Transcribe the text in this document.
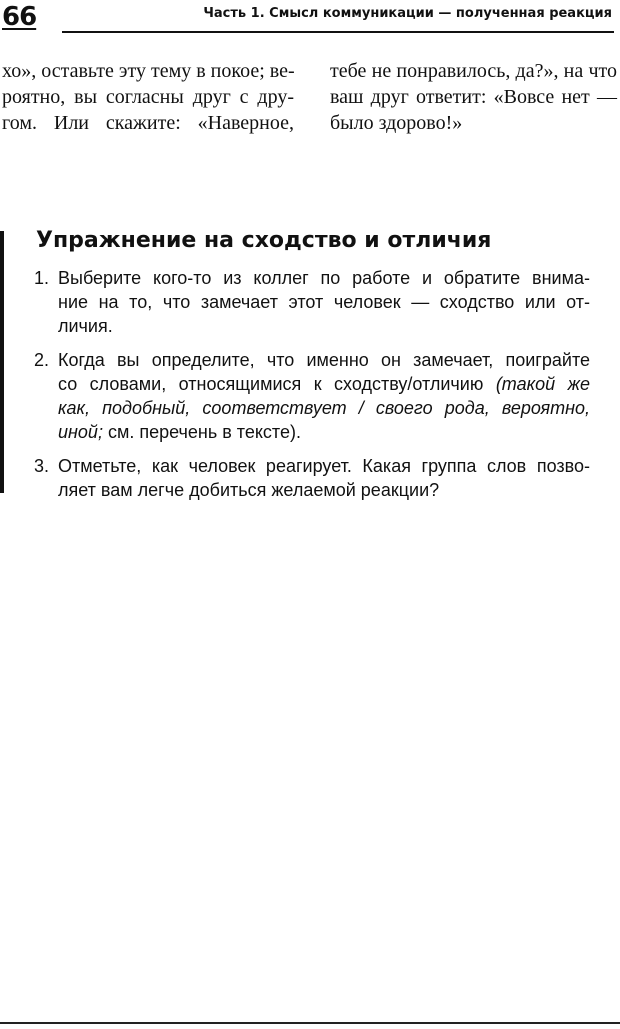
66	Часть 1. Смысл коммуникации — полученная реакция
хо», оставьте эту тему в покое; ве-
роятно, вы согласны друг с дру-
гом. Или скажите: «Наверное,
тебе не понравилось, да?», на что
ваш друг ответит: «Вовсе нет —
было здорово!»
Упражнение на сходство и отличия
1. Выберите кого-то из коллег по работе и обратите внима-
ние на то, что замечает этот человек — сходство или от-
личия.
2. Когда вы определите, что именно он замечает, поиграйте
со словами, относящимися к сходству/отличию (такой же
как, подобный, соответствует / своего рода, вероятно,
иной; см. перечень в тексте).
3. Отметьте, как человек реагирует. Какая группа слов позво-
ляет вам легче добиться желаемой реакции?
